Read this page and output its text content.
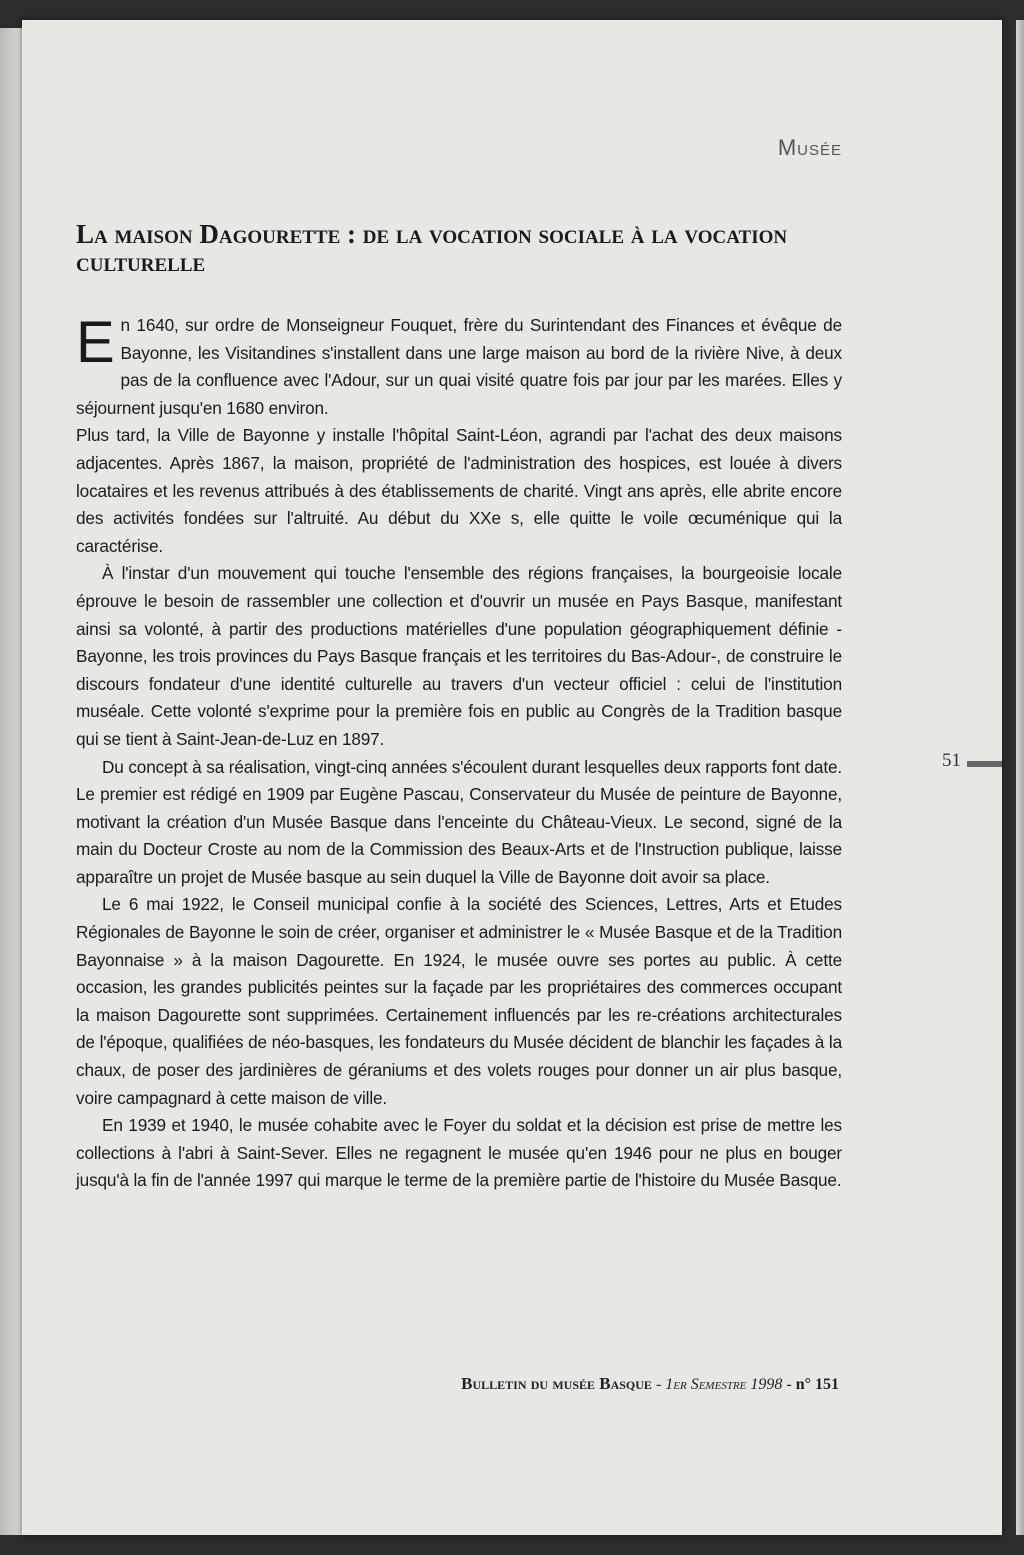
Musée
La maison Dagourette : de la vocation sociale à la vocation culturelle

En 1640, sur ordre de Monseigneur Fouquet, frère du Surintendant des Finances et évêque de Bayonne, les Visitandines s'installent dans une large maison au bord de la rivière Nive, à deux pas de la confluence avec l'Adour, sur un quai visité quatre fois par jour par les marées. Elles y séjournent jusqu'en 1680 environ.

Plus tard, la Ville de Bayonne y installe l'hôpital Saint-Léon, agrandi par l'achat des deux maisons adjacentes. Après 1867, la maison, propriété de l'administration des hospices, est louée à divers locataires et les revenus attribués à des établissements de charité. Vingt ans après, elle abrite encore des activités fondées sur l'altruité. Au début du XXe s, elle quitte le voile œcuménique qui la caractérise.

À l'instar d'un mouvement qui touche l'ensemble des régions françaises, la bourgeoisie locale éprouve le besoin de rassembler une collection et d'ouvrir un musée en Pays Basque, manifestant ainsi sa volonté, à partir des productions matérielles d'une population géographiquement définie -Bayonne, les trois provinces du Pays Basque français et les territoires du Bas-Adour-, de construire le discours fondateur d'une identité culturelle au travers d'un vecteur officiel : celui de l'institution muséale. Cette volonté s'exprime pour la première fois en public au Congrès de la Tradition basque qui se tient à Saint-Jean-de-Luz en 1897.

Du concept à sa réalisation, vingt-cinq années s'écoulent durant lesquelles deux rapports font date. Le premier est rédigé en 1909 par Eugène Pascau, Conservateur du Musée de peinture de Bayonne, motivant la création d'un Musée Basque dans l'enceinte du Château-Vieux. Le second, signé de la main du Docteur Croste au nom de la Commission des Beaux-Arts et de l'Instruction publique, laisse apparaître un projet de Musée basque au sein duquel la Ville de Bayonne doit avoir sa place.

Le 6 mai 1922, le Conseil municipal confie à la société des Sciences, Lettres, Arts et Etudes Régionales de Bayonne le soin de créer, organiser et administrer le « Musée Basque et de la Tradition Bayonnaise » à la maison Dagourette. En 1924, le musée ouvre ses portes au public. À cette occasion, les grandes publicités peintes sur la façade par les propriétaires des commerces occupant la maison Dagourette sont supprimées. Certainement influencés par les re-créations architecturales de l'époque, qualifiées de néo-basques, les fondateurs du Musée décident de blanchir les façades à la chaux, de poser des jardinières de géraniums et des volets rouges pour donner un air plus basque, voire campagnard à cette maison de ville.

En 1939 et 1940, le musée cohabite avec le Foyer du soldat et la décision est prise de mettre les collections à l'abri à Saint-Sever. Elles ne regagnent le musée qu'en 1946 pour ne plus en bouger jusqu'à la fin de l'année 1997 qui marque le terme de la première partie de l'histoire du Musée Basque.

51
Bulletin du musée Basque - 1er Semestre 1998 - n° 151
